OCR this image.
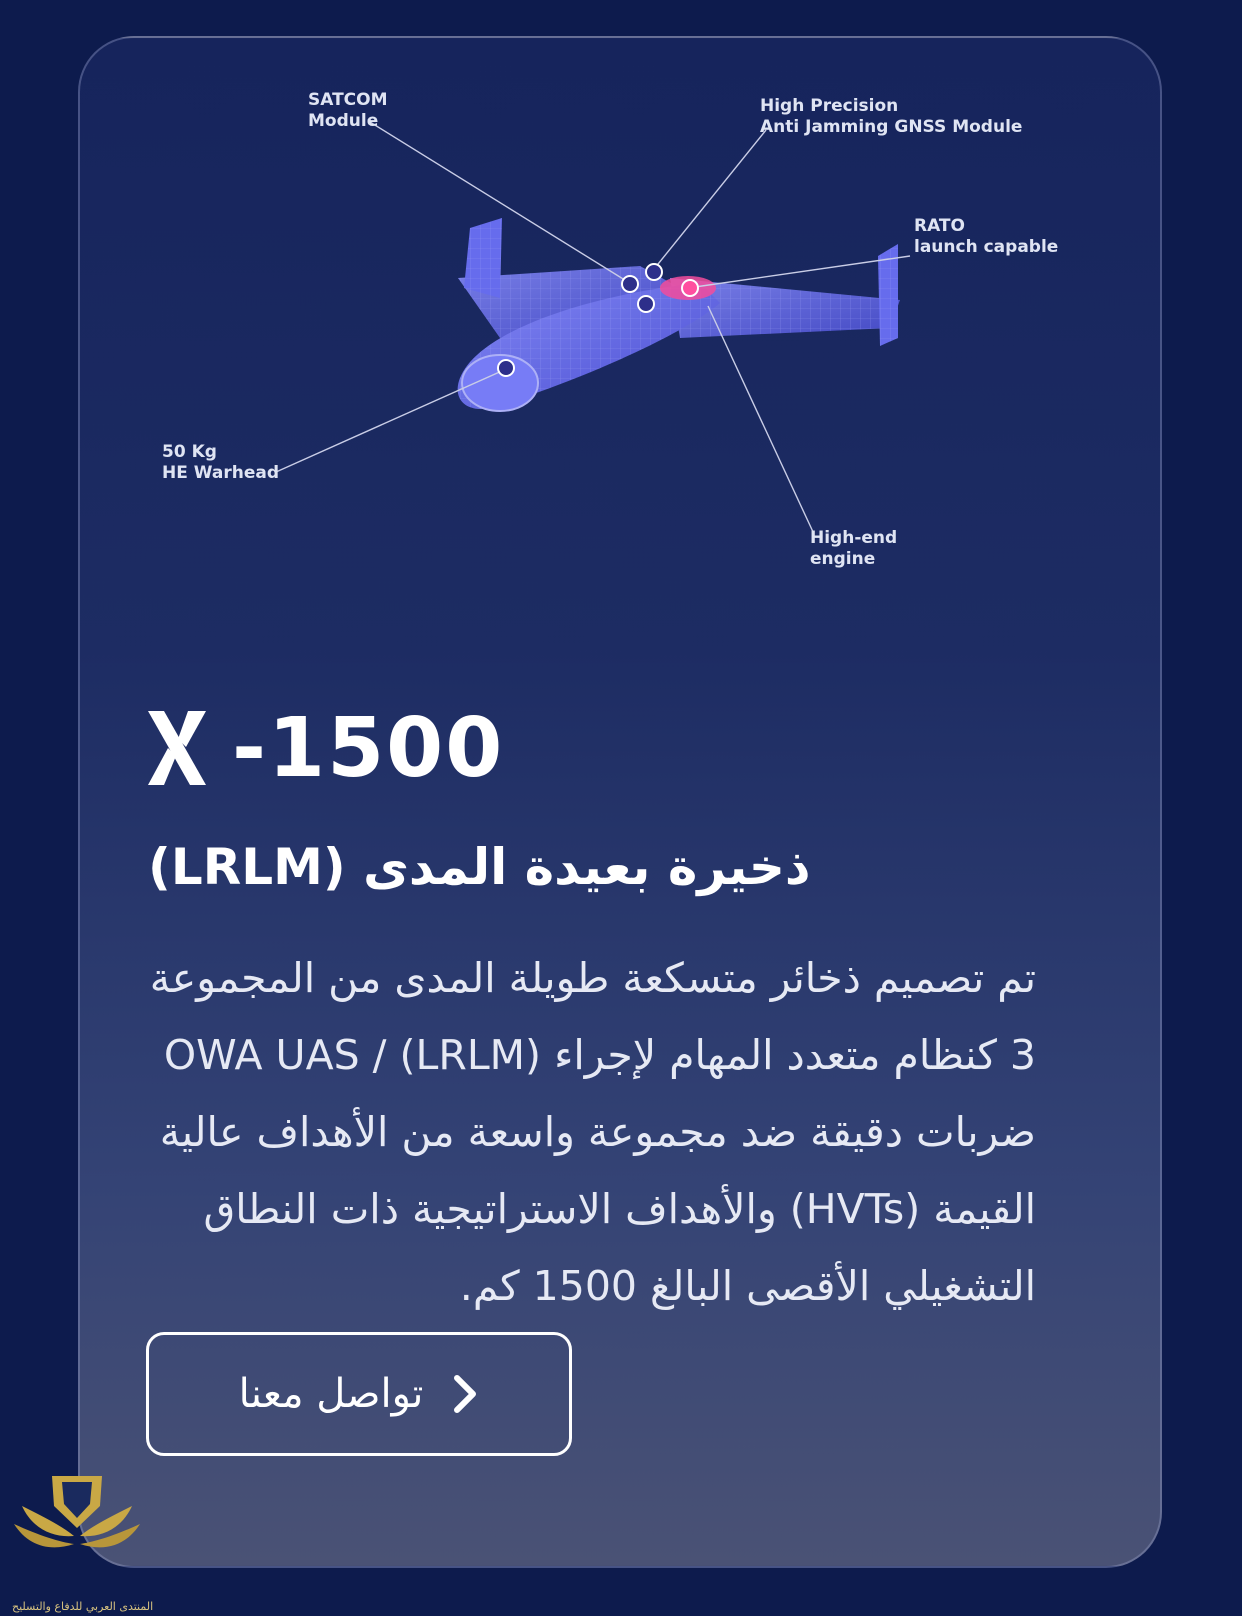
SATCOM
Module
High Precision
Anti Jamming GNSS Module
RATO
launch capable
50 Kg
HE Warhead
High-end
engine
-1500
ذخيرة بعيدة المدى (LRLM)
تم تصميم ذخائر متسكعة طويلة المدى من المجموعة 3 كنظام متعدد المهام لإجراء OWA UAS / (LRLM) ضربات دقيقة ضد مجموعة واسعة من الأهداف عالية القيمة (HVTs) والأهداف الاستراتيجية ذات النطاق التشغيلي الأقصى البالغ 1500 كم.
تواصل معنا
المنتدى العربي للدفاع والتسليح
